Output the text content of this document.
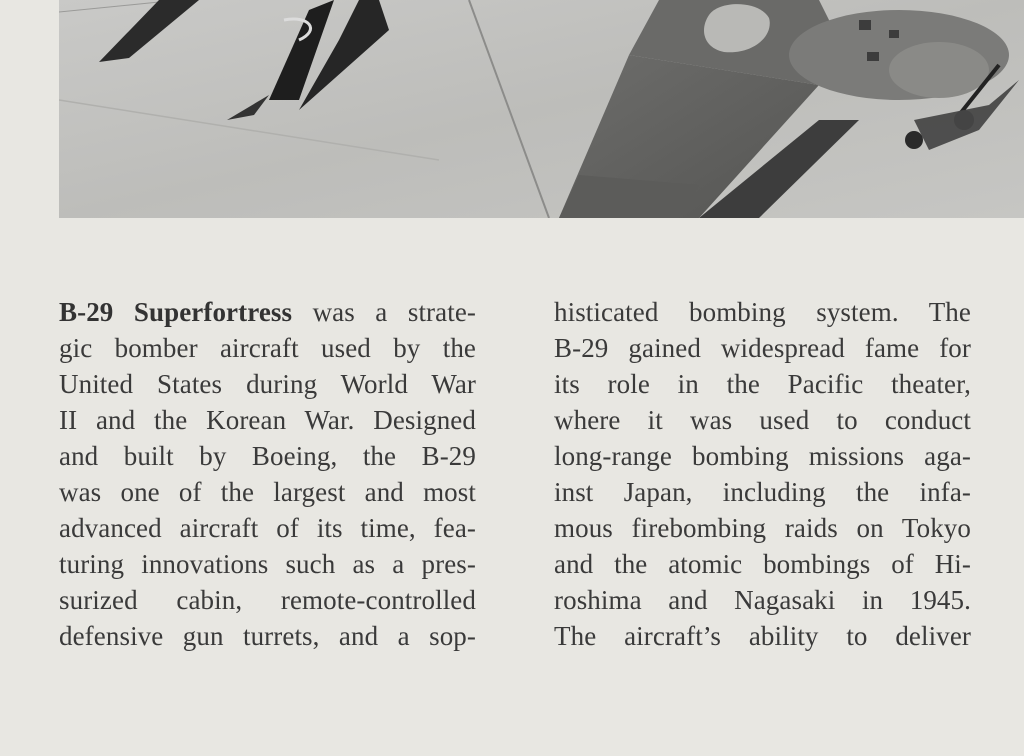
B-29 Superfortress was a strate-
gic bomber aircraft used by the
United States during World War
II and the Korean War. Designed
and built by Boeing, the B-29
was one of the largest and most
advanced aircraft of its time, fea-
turing innovations such as a pres-
surized cabin, remote-controlled
defensive gun turrets, and a sop-
histicated bombing system. The
B-29 gained widespread fame for
its role in the Pacific theater,
where it was used to conduct
long-range bombing missions aga-
inst Japan, including the infa-
mous firebombing raids on Tokyo
and the atomic bombings of Hi-
roshima and Nagasaki in 1945.
The aircraft’s ability to deliver
